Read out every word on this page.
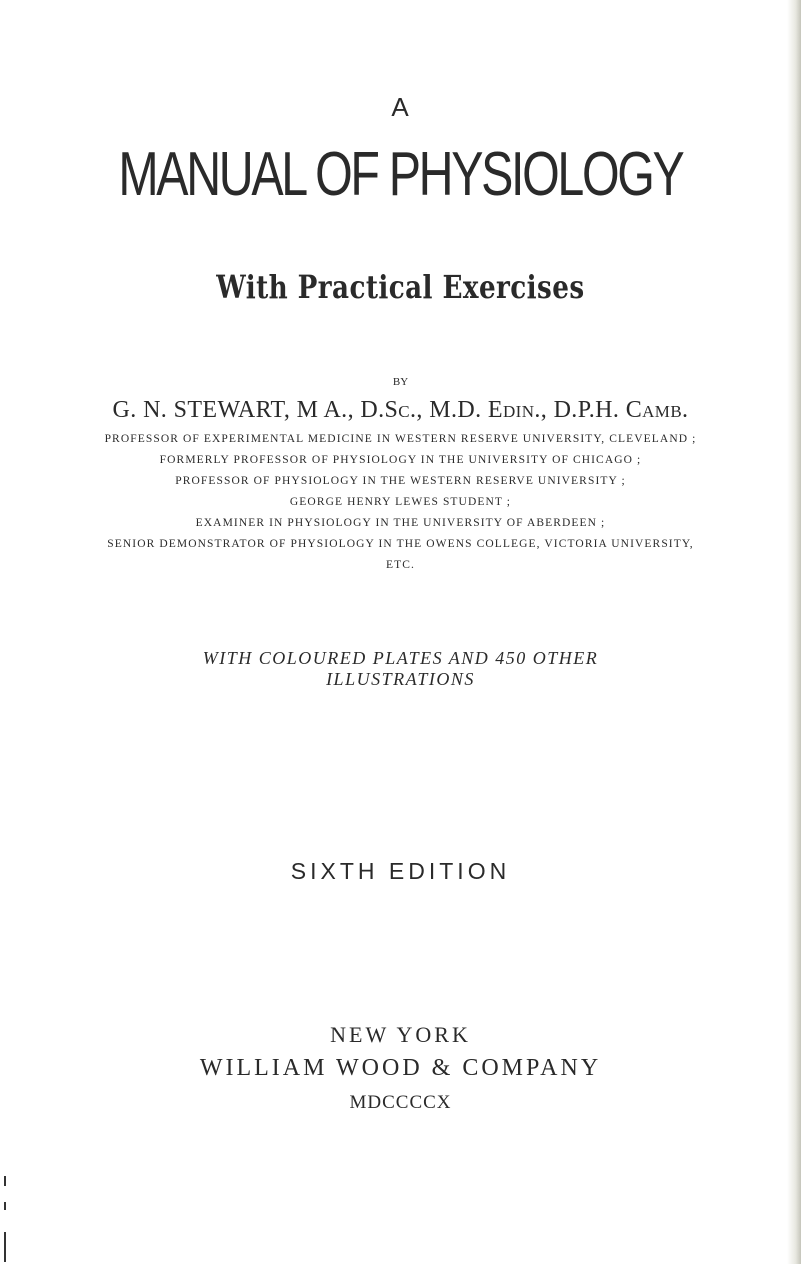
A
MANUAL OF PHYSIOLOGY
With Practical Exercises
BY
G. N. STEWART, M A., D.Sc., M.D. Edin., D.P.H. Camb.
PROFESSOR OF EXPERIMENTAL MEDICINE IN WESTERN RESERVE UNIVERSITY, CLEVELAND ;
FORMERLY PROFESSOR OF PHYSIOLOGY IN THE UNIVERSITY OF CHICAGO ;
PROFESSOR OF PHYSIOLOGY IN THE WESTERN RESERVE UNIVERSITY ;
GEORGE HENRY LEWES STUDENT ;
EXAMINER IN PHYSIOLOGY IN THE UNIVERSITY OF ABERDEEN ;
SENIOR DEMONSTRATOR OF PHYSIOLOGY IN THE OWENS COLLEGE, VICTORIA UNIVERSITY,
ETC.
WITH COLOURED PLATES AND 450 OTHER
ILLUSTRATIONS
SIXTH EDITION
NEW YORK
WILLIAM WOOD & COMPANY
MDCCCCX
